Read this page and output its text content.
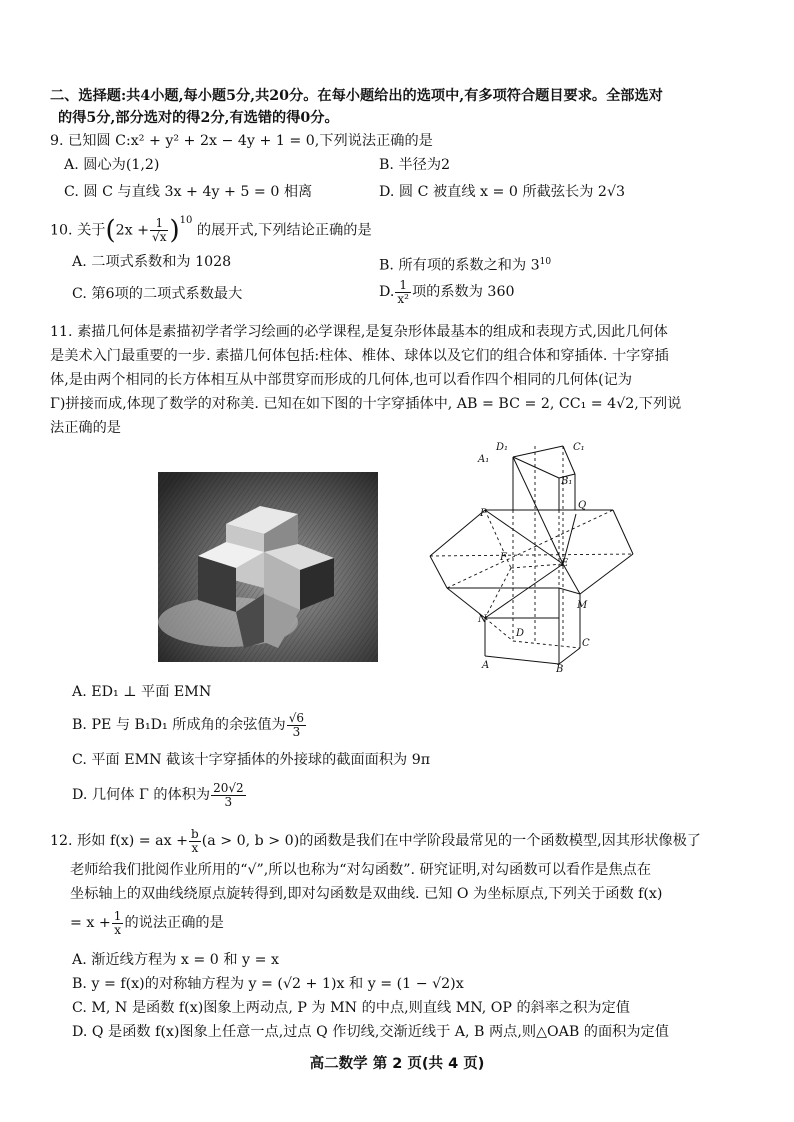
二、选择题:共4小题,每小题5分,共20分。在每小题给出的选项中,有多项符合题目要求。全部选对
的得5分,部分选对的得2分,有选错的得0分。
9. 已知圆 C:x² + y² + 2x − 4y + 1 = 0,下列说法正确的是
A. 圆心为(1,2)	B. 半径为2
C. 圆 C 与直线 3x + 4y + 5 = 0 相离	D. 圆 C 被直线 x = 0 所截弦长为 2√3
10. 关于$(2x + \frac{1}{√x} )^{10}$ 的展开式,下列结论正确的是
A. 二项式系数和为 1028	B. 所有项的系数之和为 $3^{10}$
C. 第6项的二项式系数最大	D. $\frac{1}{\text{x²}}$ 项的系数为 360
11. 素描几何体是素描初学者学习绘画的必学课程,是复杂形体最基本的组成和表现方式,因此几何体
是美术入门最重要的一步. 素描几何体包括:柱体、椎体、球体以及它们的组合体和穿插体. 十字穿插
体,是由两个相同的长方体相互从中部贯穿而形成的几何体,也可以看作四个相同的几何体(记为
Γ)拼接而成,体现了数学的对称美. 已知在如下图的十字穿插体中, AB = BC = 2, CC₁ = 4√2,下列说
法正确的是
D₁	C₁
A₁
B₁
P
Q
F
E
N
M
D
C
A	B
A. ED₁ ⊥ 平面 EMN
B. PE 与 B₁D₁ 所成角的余弦值为 $\frac{√6}{3}$
C. 平面 EMN 截该十字穿插体的外接球的截面面积为 9π
D. 几何体 Γ 的体积为 $\frac{20√2}{3}$
12. 形如 f(x) = ax + $\frac{b}{x} (a > 0$, b > 0)的函数是我们在中学阶段最常见的一个函数模型,因其形状像极了
老师给我们批阅作业所用的“√”,所以也称为“对勾函数”. 研究证明,对勾函数可以看作是焦点在
坐标轴上的双曲线绕原点旋转得到,即对勾函数是双曲线. 已知 O 为坐标原点,下列关于函数 f(x)
= $x + \frac{1}{x}$ 的说法正确的是
A. 渐近线方程为 x = 0 和 y = x
B. y = f(x)的对称轴方程为 y = (√2 + 1)x 和 y = (1 − √2)x
C. M, N 是函数 f(x)图象上两动点, P 为 MN 的中点,则直线 MN, OP 的斜率之积为定值
D. Q 是函数 f(x)图象上任意一点,过点 Q 作切线,交渐近线于 A, B 两点,则△OAB 的面积为定值
高二数学 第 2 页(共 4 页)
